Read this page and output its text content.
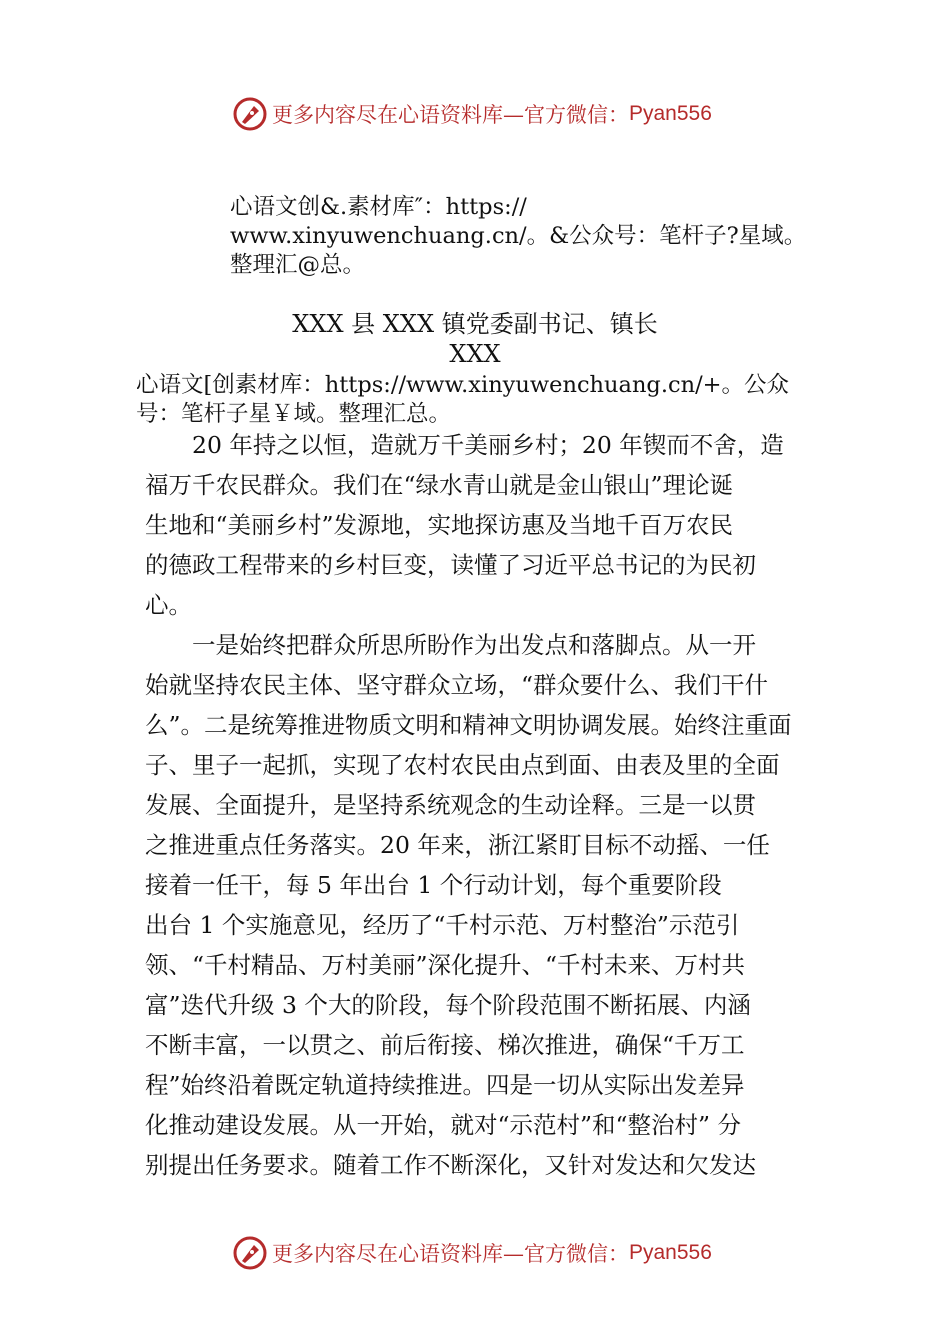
更多内容尽在心语资料库—官方微信： Pyan556
心语文创&.素材库″：https://
www.xinyuwenchuang.cn/。&公众号：笔杆子?星域。
整理汇@总。
XXX 县 XXX 镇党委副书记、镇长
XXX
心语文[创素材库：https://www.xinyuwenchuang.cn/+。公众
号：笔杆子星￥域。整理汇总。
　　20 年持之以恒，造就万千美丽乡村；20 年锲而不舍，造
福万千农民群众。我们在“绿水青山就是金山银山”理论诞
生地和“美丽乡村”发源地，实地探访惠及当地千百万农民
的德政工程带来的乡村巨变，读懂了习近平总书记的为民初
心。
　　一是始终把群众所思所盼作为出发点和落脚点。从一开
始就坚持农民主体、坚守群众立场，“群众要什么、我们干什
么”。二是统筹推进物质文明和精神文明协调发展。始终注重面
子、里子一起抓，实现了农村农民由点到面、由表及里的全面
发展、全面提升，是坚持系统观念的生动诠释。三是一以贯
之推进重点任务落实。20 年来，浙江紧盯目标不动摇、一任
接着一任干，每 5 年出台 1 个行动计划，每个重要阶段
出台 1 个实施意见，经历了“千村示范、万村整治”示范引
领、“千村精品、万村美丽”深化提升、“千村未来、万村共
富”迭代升级 3 个大的阶段，每个阶段范围不断拓展、内涵
不断丰富，一以贯之、前后衔接、梯次推进，确保“千万工
程”始终沿着既定轨道持续推进。四是一切从实际出发差异
化推动建设发展。从一开始，就对“示范村”和“整治村” 分
别提出任务要求。随着工作不断深化，又针对发达和欠发达
更多内容尽在心语资料库—官方微信： Pyan556
